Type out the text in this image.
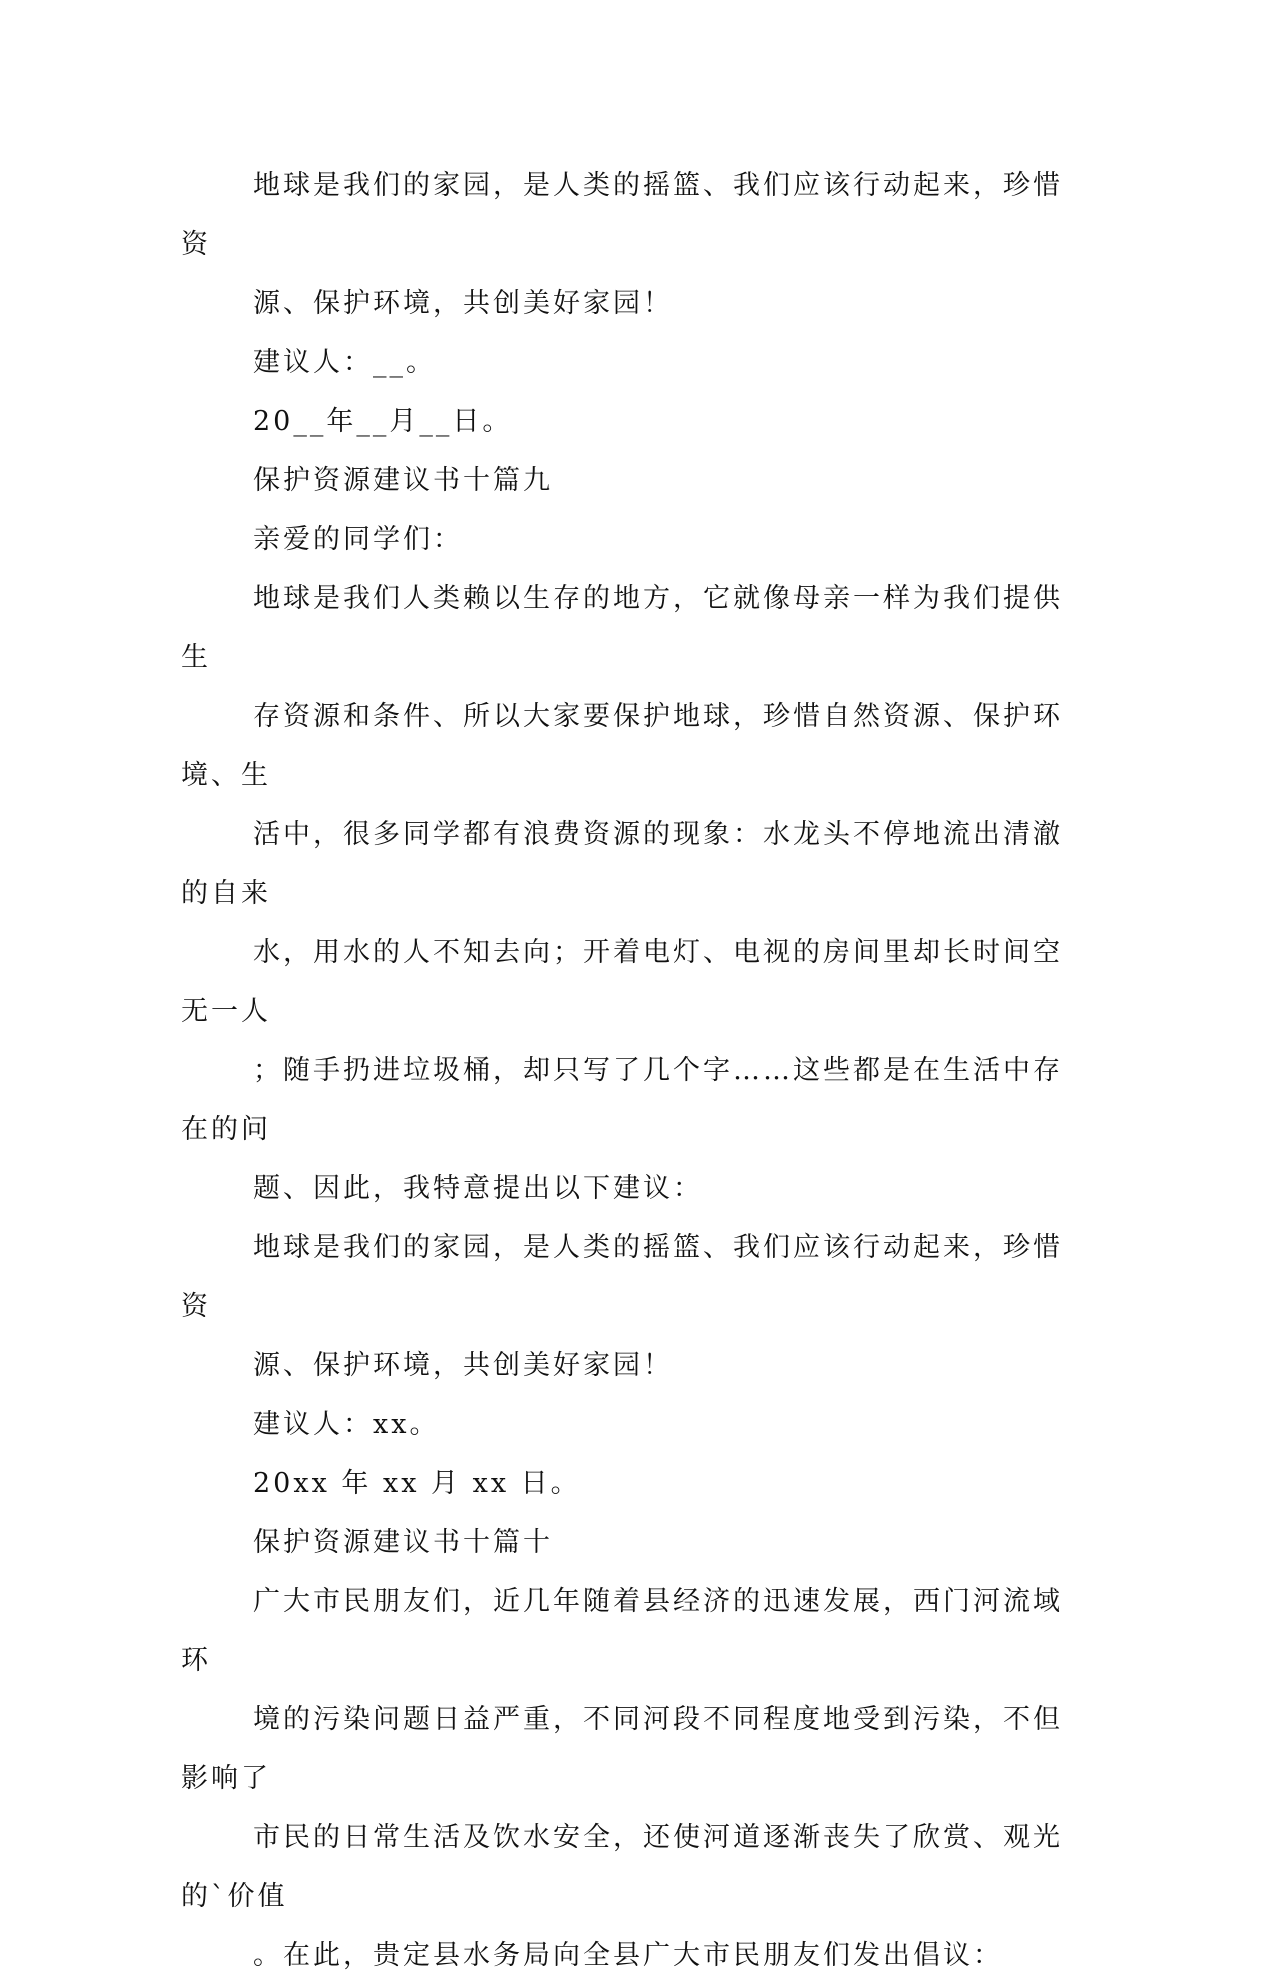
地球是我们的家园，是人类的摇篮、我们应该行动起来，珍惜资
源、保护环境，共创美好家园！

建议人：__。

20__年__月__日。

保护资源建议书十篇九

亲爱的同学们：

地球是我们人类赖以生存的地方，它就像母亲一样为我们提供生
存资源和条件、所以大家要保护地球，珍惜自然资源、保护环境、生
活中，很多同学都有浪费资源的现象：水龙头不停地流出清澈的自来
水，用水的人不知去向；开着电灯、电视的房间里却长时间空无一人
；随手扔进垃圾桶，却只写了几个字……这些都是在生活中存在的问
题、因此，我特意提出以下建议：

地球是我们的家园，是人类的摇篮、我们应该行动起来，珍惜资
源、保护环境，共创美好家园！

建议人：xx。

20xx 年 xx 月 xx 日。

保护资源建议书十篇十

广大市民朋友们，近几年随着县经济的迅速发展，西门河流域环
境的污染问题日益严重，不同河段不同程度地受到污染，不但影响了
市民的日常生活及饮水安全，还使河道逐渐丧失了欣赏、观光的`价值
。在此，贵定县水务局向全县广大市民朋友们发出倡议：
